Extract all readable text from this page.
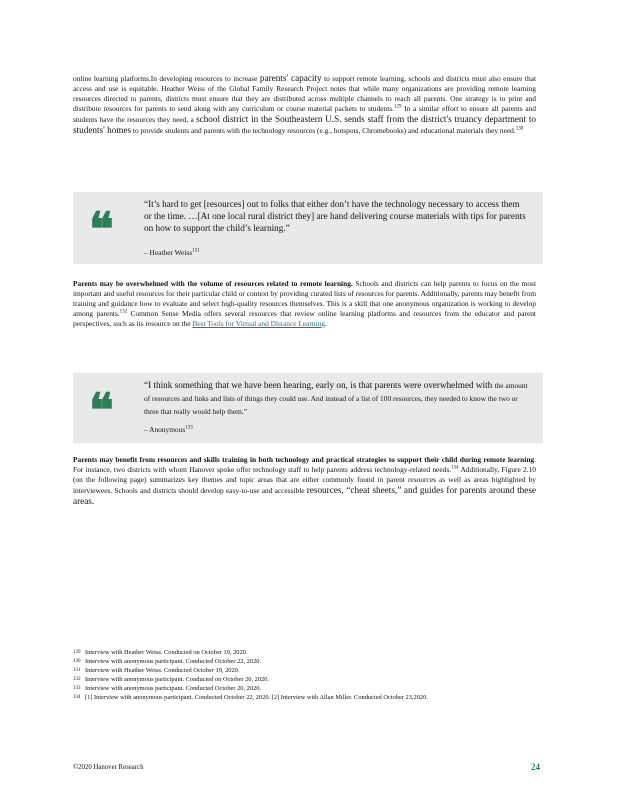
online learning platforms.In developing resources to increase parents' capacity to support remote learning, schools and districts must also ensure that access and use is equitable. Heather Weiss of the Global Family Research Project notes that while many organizations are providing remote learning resources directed to parents, districts must ensure that they are distributed across multiple channels to reach all parents. One strategy is to print and distribute resources for parents to send along with any curriculum or course material packets to students.$^{129}$ In a similar effort to ensure all parents and students have the resources they need, a school district in the Southeastern U.S. sends staff from the district's truancy department to students' homes to provide students and parents with the technology resources (e.g., hotspots, Chromebooks) and educational materials they need.$^{130}$

❝	“It’s hard to get [resources] out to folks that either don’t have the technology necessary to access them or the time. …[At one local rural district they] are hand delivering course materials with tips for parents on how to support the child’s learning.”
– Heather Weiss$^{131}$

Parents may be overwhelmed with the volume of resources related to remote learning. Schools and districts can help parents to focus on the most important and useful resources for their particular child or context by providing curated lists of resources for parents. Additionally, parents may benefit from training and guidance how to evaluate and select high-quality resources themselves. This is a skill that one anonymous organization is working to develop among parents.$^{132}$ Common Sense Media offers several resources that review online learning platforms and resources from the educator and parent perspectives, such as its resource on the Best Tools for Virtual and Distance Learning.

❝	“I think something that we have been hearing, early on, is that parents were overwhelmed with the amount of resources and links and lists of things they could use. And instead of a list of 100 resources, they needed to know the two or three that really would help them.”
– Anonymous$^{133}$

Parents may benefit from resources and skills training in both technology and practical strategies to support their child during remote learning. For instance, two districts with whom Hanover spoke offer technology staff to help parents address technology-related needs.$^{134}$ Additionally, Figure 2.10 (on the following page) summarizes key themes and topic areas that are either commonly found in parent resources as well as areas highlighted by interviewees. Schools and districts should develop easy-to-use and accessible resources, “cheat sheets,” and guides for parents around these areas.

129 Interview with Heather Weiss. Conducted on October 19, 2020.
130 Interview with anonymous participant. Conducted October 22, 2020.
131 Interview with Heather Weiss. Conducted October 19, 2020.
132 Interview with anonymous participant. Conducted on October 20, 2020.
133 Interview with anonymous participant. Conducted October 20, 2020.
134 [1] Interview with anonymous participant. Conducted October 22, 2020. [2] Interview with Allan Miller. Conducted October 23,2020.
©2020 Hanover Research	24
